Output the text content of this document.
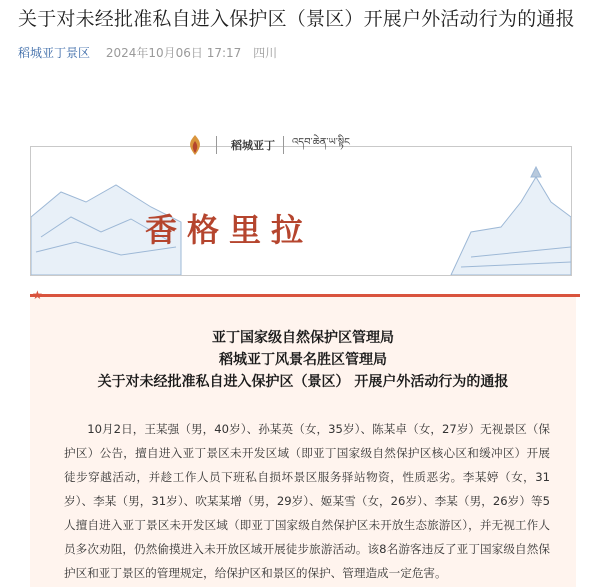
关于对未经批准私自进入保护区（景区）开展户外活动行为的通报
稻城亚丁景区 2024年10月06日 17:17 四川
稻城亚丁 འདབ་ཆེན་ཡ་སྟིང
香格里拉
★
亚丁国家级自然保护区管理局
稻城亚丁风景名胜区管理局
关于对未经批准私自进入保护区（景区） 开展户外活动行为的通报
10月2日，王某强（男，40岁）、孙某英（女，35岁）、陈某卓（女，27岁）无视景区（保护区）公告，擅自进入亚丁景区未开发区域（即亚丁国家级自然保护区核心区和缓冲区）开展徒步穿越活动，并趁工作人员下班私自损坏景区服务驿站物资，性质恶劣。李某婷（女，31岁）、李某（男，31岁）、吹某某增（男，29岁）、姬某雪（女，26岁）、李某（男，26岁）等5人擅自进入亚丁景区未开发区域（即亚丁国家级自然保护区未开放生态旅游区），并无视工作人员多次劝阻，仍然偷摸进入未开放区域开展徒步旅游活动。该8名游客违反了亚丁国家级自然保护区和亚丁景区的管理规定，给保护区和景区的保护、管理造成一定危害。
